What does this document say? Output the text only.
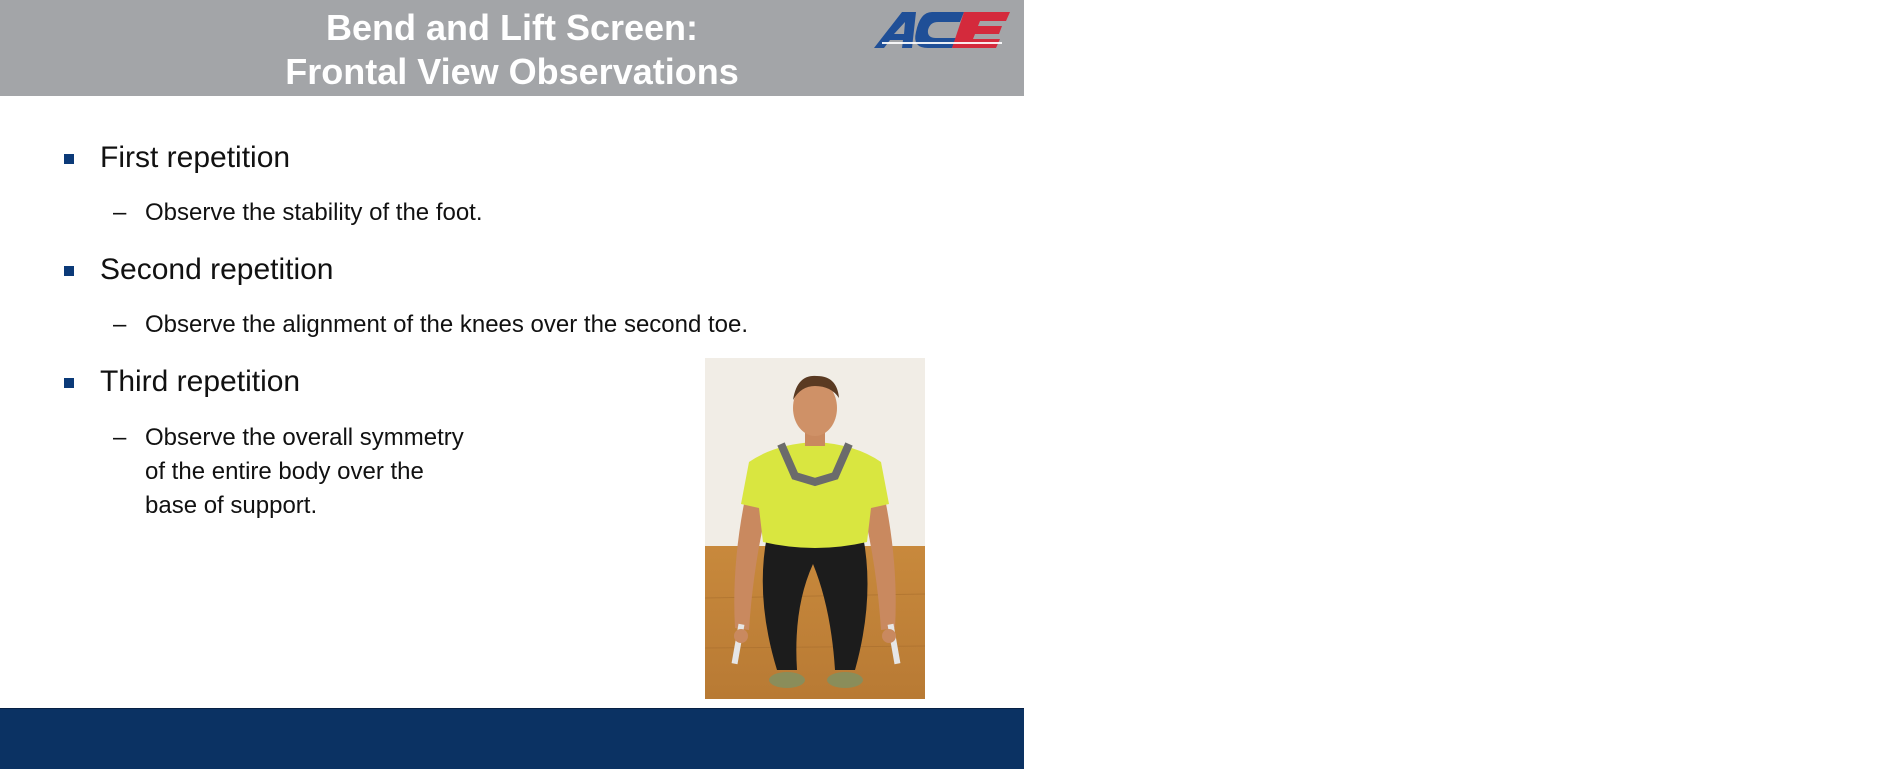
Bend and Lift Screen:
Frontal View Observations	AMERICAN COUNCIL ON EXERCISE
First repetition
– Observe the stability of the foot.
Second repetition
– Observe the alignment of the knees over the second toe.
Third repetition
– Observe the overall symmetry
of the entire body over the
base of support.
